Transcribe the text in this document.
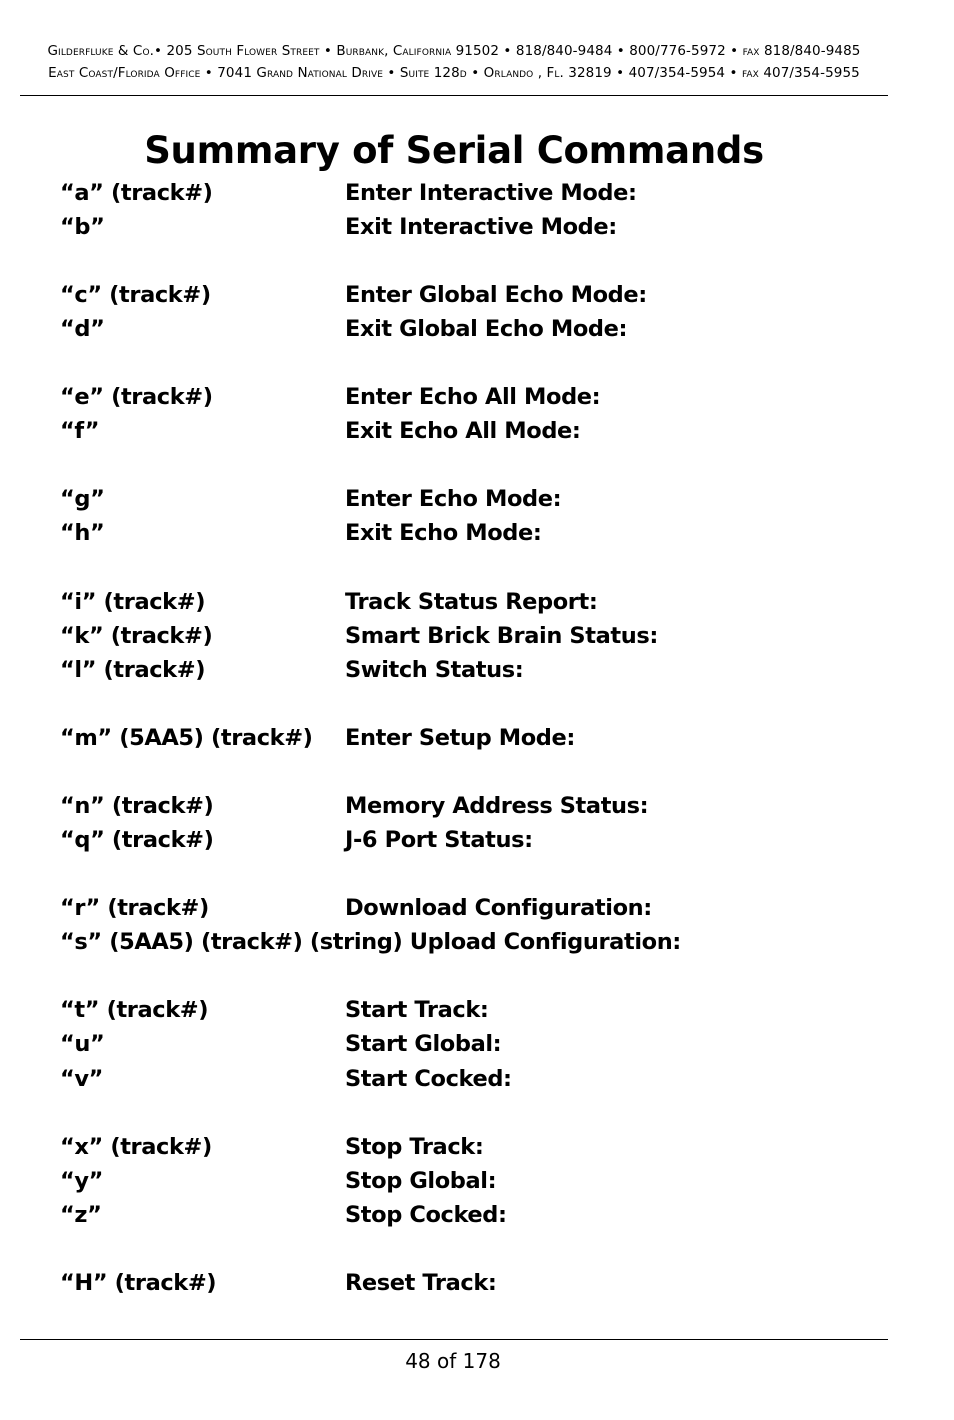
Gilderfluke & Co.• 205 South Flower Street • Burbank, California 91502 • 818/840-9484 • 800/776-5972 • fax 818/840-9485
East Coast/Florida Office • 7041 Grand National Drive • Suite 128d • Orlando , Fl. 32819 • 407/354-5954 • fax 407/354-5955
Summary of Serial Commands
“a” (track#)	Enter Interactive Mode:
“b”	Exit Interactive Mode:
“c” (track#)	Enter Global Echo Mode:
“d”	Exit Global Echo Mode:
“e” (track#)	Enter Echo All Mode:
“f”	Exit Echo All Mode:
“g”	Enter Echo Mode:
“h”	Exit Echo Mode:
“i” (track#)	Track Status Report:
“k” (track#)	Smart Brick Brain Status:
“l” (track#)	Switch Status:
“m” (5AA5) (track#) Enter Setup Mode:
“n” (track#)	Memory Address Status:
“q” (track#)	J-6 Port Status:
“r” (track#)	Download Configuration:
“s” (5AA5) (track#) (string) Upload Configuration:
“t” (track#)	Start Track:
“u”	Start Global:
“v”	Start Cocked:
“x” (track#)	Stop Track:
“y”	Stop Global:
“z”	Stop Cocked:
“H” (track#)	Reset Track:
48 of 178
